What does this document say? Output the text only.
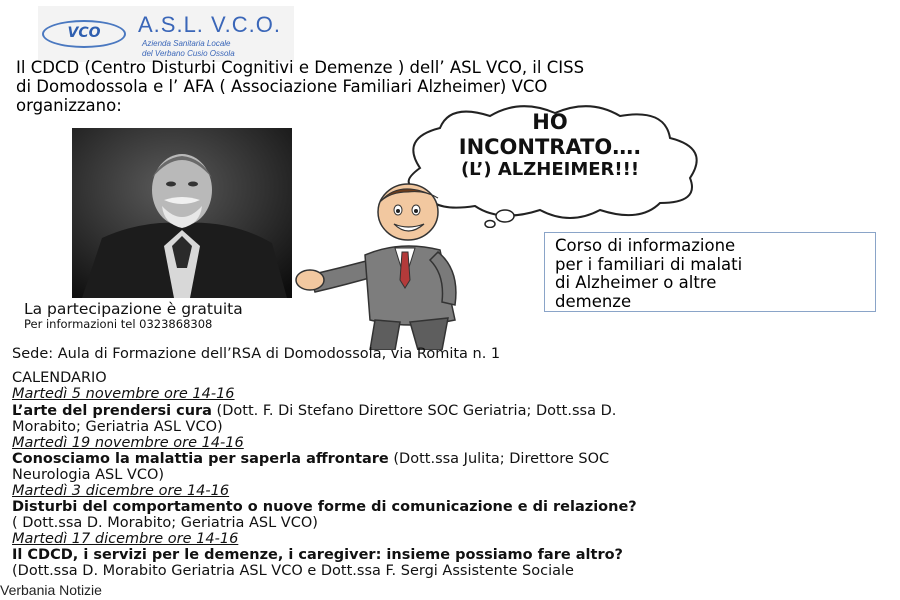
VCO	A.S.L. V.C.O.
Azienda Sanitaria Locale
del Verbano Cusio Ossola
Il CDCD (Centro Disturbi Cognitivi e Demenze ) dell’ ASL VCO, il CISS
di Domodossola e l’ AFA ( Associazione Familiari Alzheimer) VCO
organizzano:
HO
INCONTRATO….
(L’) ALZHEIMER!!!
Corso di informazione
per i familiari di malati
di Alzheimer o altre
demenze
La partecipazione è gratuita
Per informazioni tel 0323868308
Sede: Aula di Formazione dell’RSA di Domodossola, via Romita n. 1
CALENDARIO
Martedì 5 novembre ore 14-16
L’arte del prendersi cura (Dott. F. Di Stefano Direttore SOC Geriatria; Dott.ssa D.
Morabito; Geriatria ASL VCO)
Martedì 19 novembre ore 14-16
Conosciamo la malattia per saperla affrontare (Dott.ssa Julita; Direttore SOC
Neurologia ASL VCO)
Martedì 3 dicembre ore 14-16
Disturbi del comportamento o nuove forme di comunicazione e di relazione?
( Dott.ssa D. Morabito; Geriatria ASL VCO)
Martedì 17 dicembre ore 14-16
Il CDCD, i servizi per le demenze, i caregiver: insieme possiamo fare altro?
(Dott.ssa D. Morabito Geriatria ASL VCO e Dott.ssa F. Sergi Assistente Sociale
Verbania Notizie
